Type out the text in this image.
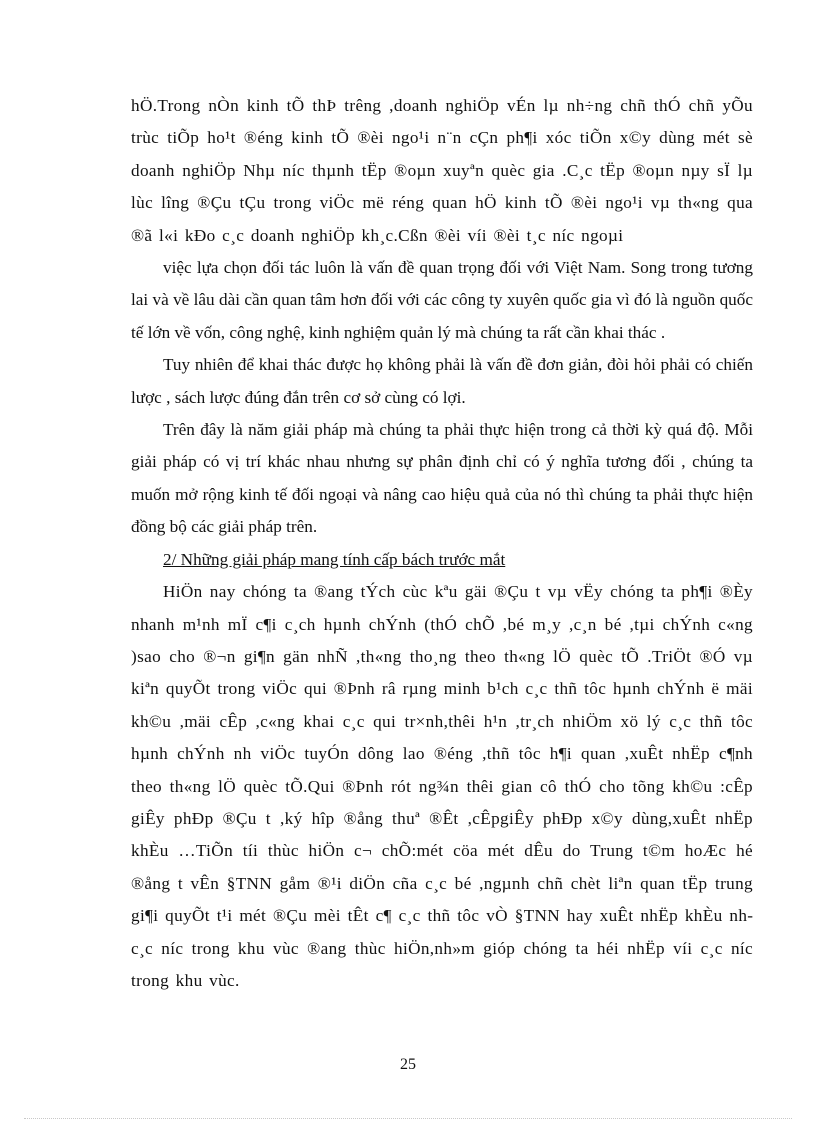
hÖ.Trong nÒn kinh tÕ thÞ trêng ,doanh nghiÖp vÉn lµ nh÷ng chñ thÓ chñ yÕu trùc tiÕp ho¹t ®éng kinh tÕ ®èi ngo¹i n¨n cÇn ph¶i xóc tiÕn x©y dùng mét sè doanh nghiÖp Nhµ níc thµnh tËp ®oµn xuyªn quèc gia .C¸c tËp ®oµn nµy sÏ lµ lùc lîng ®Çu tÇu trong viÖc më réng quan hÖ kinh tÕ ®èi ngo¹i vµ th«ng qua ®ã l«i kÐo c¸c doanh nghiÖp kh¸c.Cßn ®èi víi ®èi t¸c níc ngoµi

việc lựa chọn đối tác luôn là vấn đề quan trọng đối với Việt Nam. Song trong tương lai và về lâu dài cần quan tâm hơn đối với các công ty xuyên quốc gia vì đó là nguồn quốc tế lớn về vốn, công nghệ, kinh nghiệm quản lý mà chúng ta rất cần khai thác .

Tuy nhiên để khai thác được họ không phải là vấn đề đơn giản, đòi hỏi phải có chiến lược , sách lược đúng đắn trên cơ sở cùng có lợi.

Trên đây là năm giải pháp mà chúng ta phải thực hiện trong cả thời kỳ quá độ. Mỗi giải pháp có vị trí khác nhau nhưng sự phân định chỉ có ý nghĩa tương đối , chúng ta muốn mở rộng kinh tế đối ngoại và nâng cao hiệu quả của nó thì chúng ta phải thực hiện đồng bộ các giải pháp trên.

2/ Những giải pháp mang tính cấp bách trước mắt

HiÖn nay chóng ta ®ang tÝch cùc kªu gäi ®Çu t vµ vËy chóng ta ph¶i ®Èy nhanh m¹nh mÏ c¶i c¸ch hµnh chÝnh (thÓ chÕ ,bé m¸y ,c¸n bé ,tµi chÝnh c«ng )sao cho ®¬n gi¶n gän nhÑ ,th«ng tho¸ng theo th«ng lÖ quèc tÕ .TriÖt ®Ó vµ kiªn quyÕt trong viÖc qui ®Þnh râ rµng minh b¹ch c¸c thñ tôc hµnh chÝnh ë mäi kh©u ,mäi cÊp ,c«ng khai c¸c qui tr×nh,thêi h¹n ,tr¸ch nhiÖm xö lý c¸c thñ tôc hµnh chÝnh nh viÖc tuyÓn dông lao ®éng ,thñ tôc h¶i quan ,xuÊt nhËp c¶nh theo th«ng lÖ quèc tÕ.Qui ®Þnh rót ng¾n thêi gian cô thÓ cho tõng kh©u :cÊp giÊy phÐp ®Çu t ,ký hîp ®ång thuª ®Êt ,cÊpgiÊy phÐp x©y dùng,xuÊt nhËp khÈu …TiÕn tíi thùc hiÖn c¬ chÕ:mét cöa mét dÊu do Trung t©m hoÆc hé ®ång t vÊn §TNN gåm ®¹i diÖn cña c¸c bé ,ngµnh chñ chèt liªn quan tËp trung gi¶i quyÕt t¹i mét ®Çu mèi tÊt c¶ c¸c thñ tôc vÒ §TNN hay xuÊt nhËp khÈu nh c¸c níc trong khu vùc ®ang thùc hiÖn,nh»m gióp chóng ta héi nhËp víi c¸c níc trong khu vùc.

25
